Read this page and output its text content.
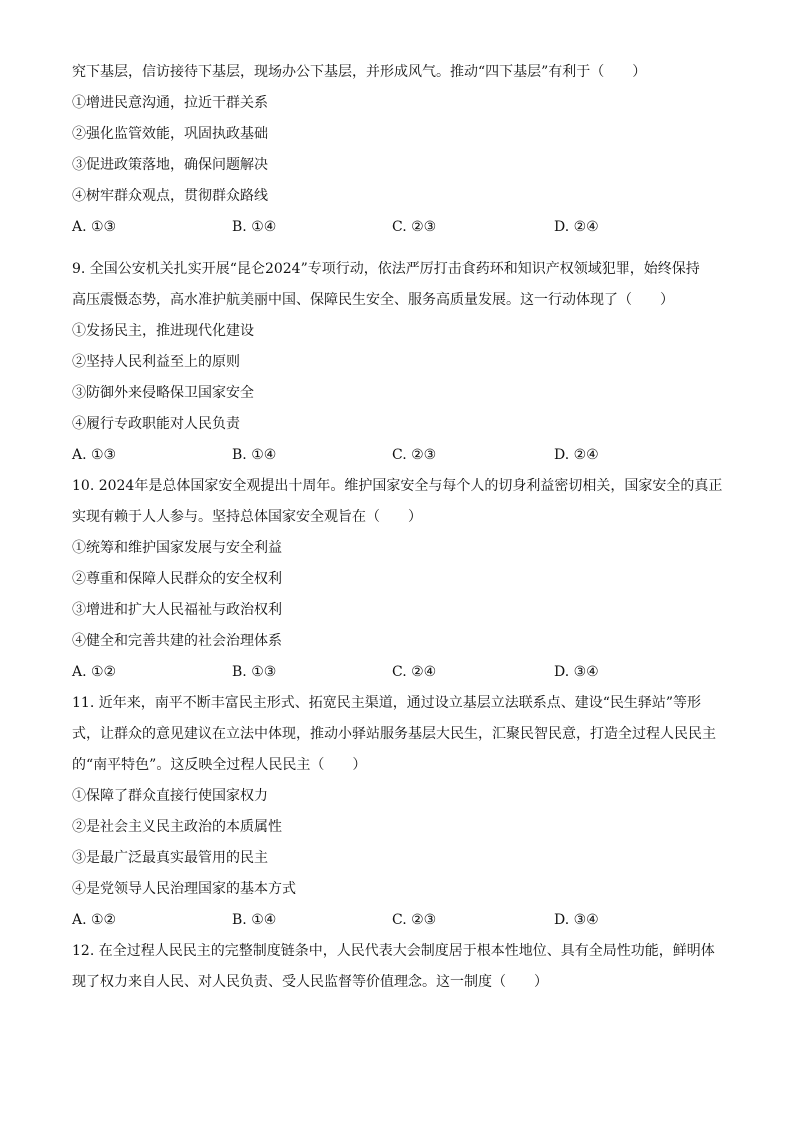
究下基层，信访接待下基层，现场办公下基层，并形成风气。推动“四下基层”有利于（　　）

①增进民意沟通，拉近干群关系

②强化监管效能，巩固执政基础

③促进政策落地，确保问题解决

④树牢群众观点，贯彻群众路线

A. ①③	B. ①④	C. ②③	D. ②④

9. 全国公安机关扎实开展“昆仑2024”专项行动，依法严厉打击食药环和知识产权领域犯罪，始终保持

高压震慑态势，高水准护航美丽中国、保障民生安全、服务高质量发展。这一行动体现了（　　）

①发扬民主，推进现代化建设

②坚持人民利益至上的原则

③防御外来侵略保卫国家安全

④履行专政职能对人民负责

A. ①③	B. ①④	C. ②③	D. ②④

10. 2024年是总体国家安全观提出十周年。维护国家安全与每个人的切身利益密切相关，国家安全的真正

实现有赖于人人参与。坚持总体国家安全观旨在（　　）

①统筹和维护国家发展与安全利益

②尊重和保障人民群众的安全权利

③增进和扩大人民福祉与政治权利

④健全和完善共建的社会治理体系

A. ①②	B. ①③	C. ②④	D. ③④

11. 近年来，南平不断丰富民主形式、拓宽民主渠道，通过设立基层立法联系点、建设“民生驿站”等形

式，让群众的意见建议在立法中体现，推动小驿站服务基层大民生，汇聚民智民意，打造全过程人民民主

的“南平特色”。这反映全过程人民民主（　　）

①保障了群众直接行使国家权力

②是社会主义民主政治的本质属性

③是最广泛最真实最管用的民主

④是党领导人民治理国家的基本方式

A. ①②	B. ①④	C. ②③	D. ③④

12. 在全过程人民民主的完整制度链条中，人民代表大会制度居于根本性地位、具有全局性功能，鲜明体

现了权力来自人民、对人民负责、受人民监督等价值理念。这一制度（　　）
